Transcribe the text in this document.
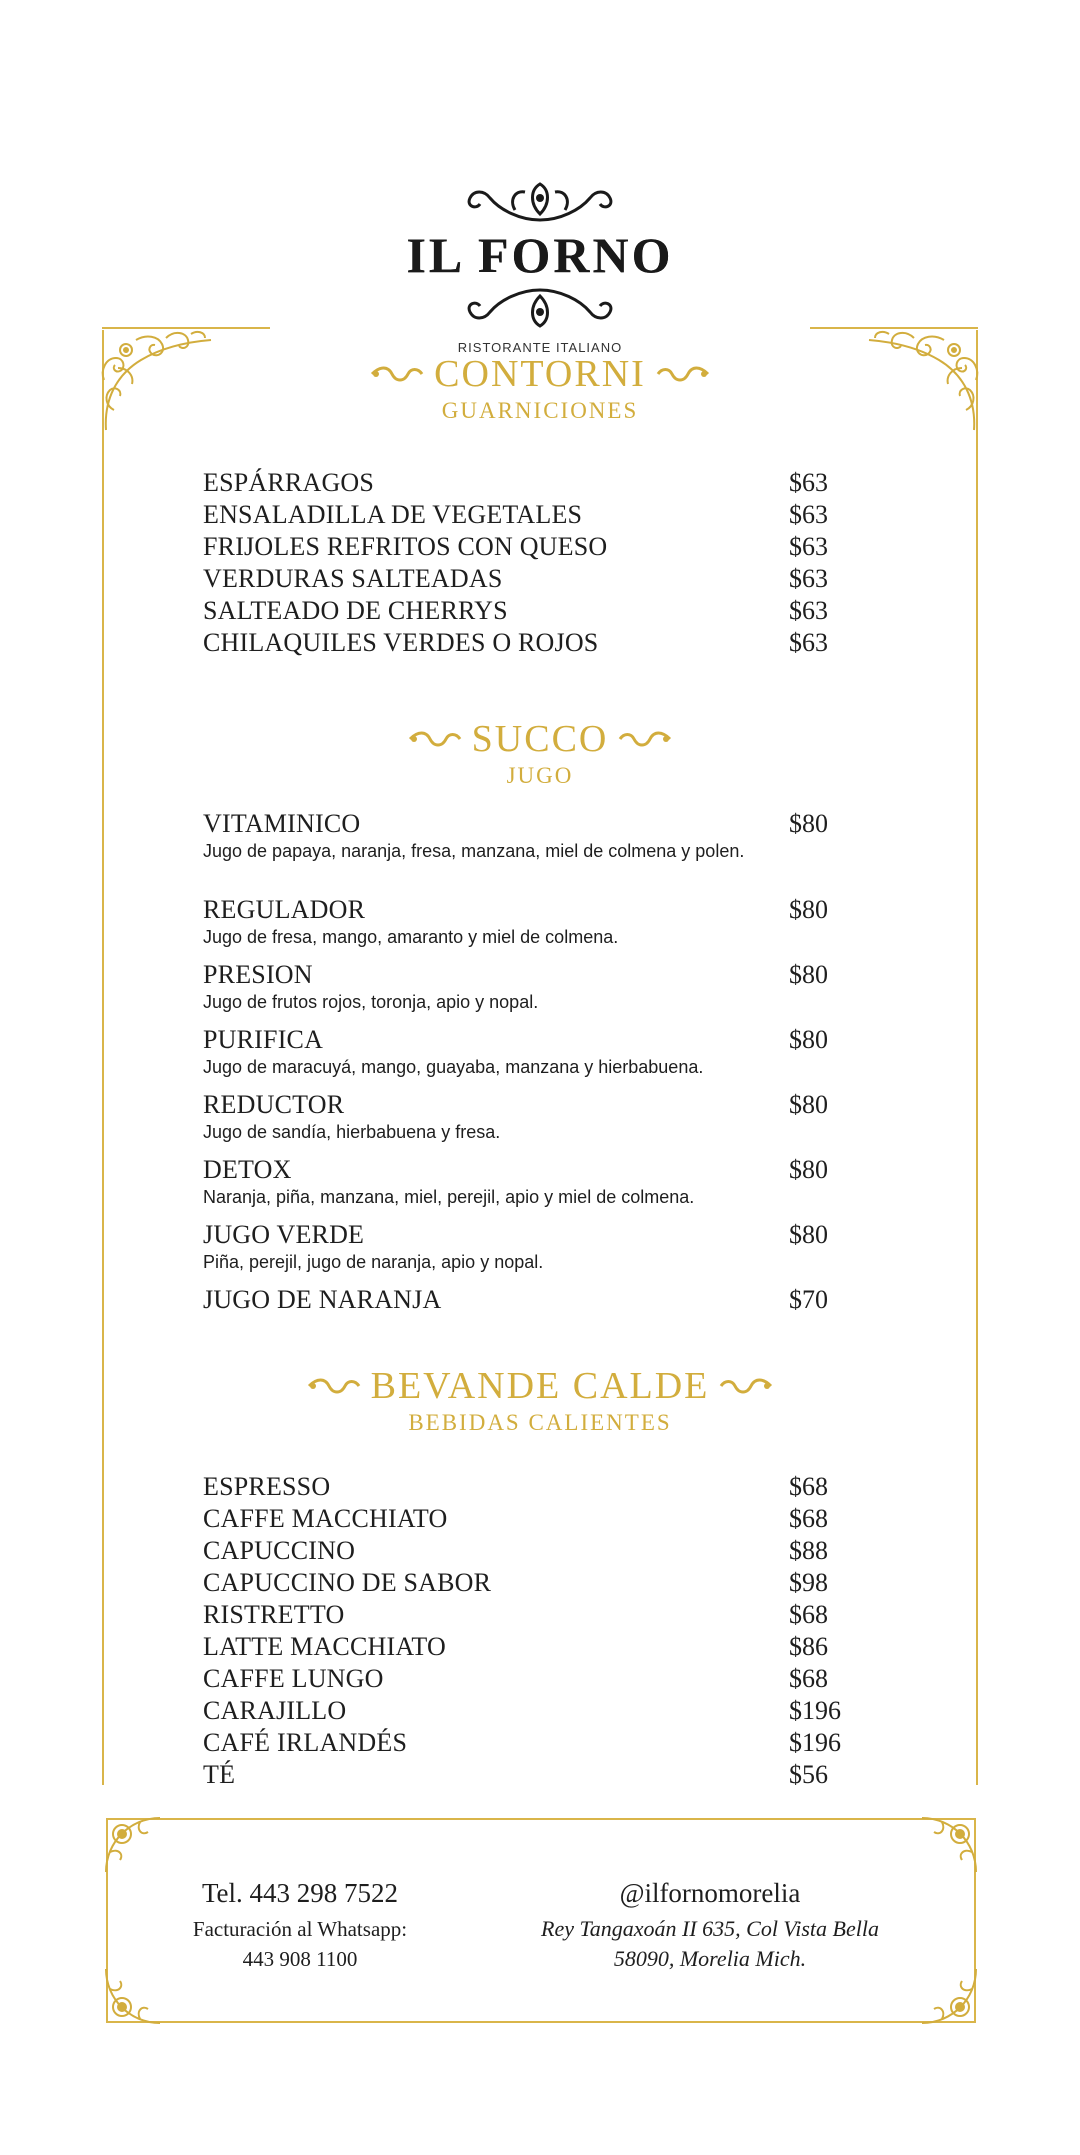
IL FORNO
RISTORANTE ITALIANO
CONTORNI
GUARNICIONES
ESPÁRRAGOS	$63
ENSALADILLA DE VEGETALES	$63
FRIJOLES REFRITOS CON QUESO	$63
VERDURAS SALTEADAS	$63
SALTEADO DE CHERRYS	$63
CHILAQUILES VERDES O ROJOS	$63
SUCCO
JUGO
VITAMINICO	$80
Jugo de papaya, naranja, fresa, manzana, miel de colmena y polen.
REGULADOR	$80
Jugo de fresa, mango, amaranto y miel de colmena.
PRESION	$80
Jugo de frutos rojos, toronja, apio y nopal.
PURIFICA	$80
Jugo de maracuyá, mango, guayaba, manzana y hierbabuena.
REDUCTOR	$80
Jugo de sandía, hierbabuena y fresa.
DETOX	$80
Naranja, piña, manzana, miel, perejil, apio y miel de colmena.
JUGO VERDE	$80
Piña, perejil, jugo de naranja, apio y nopal.
JUGO DE NARANJA	$70
BEVANDE CALDE
BEBIDAS CALIENTES
ESPRESSO	$68
CAFFE MACCHIATO	$68
CAPUCCINO	$88
CAPUCCINO DE SABOR	$98
RISTRETTO	$68
LATTE MACCHIATO	$86
CAFFE LUNGO	$68
CARAJILLO	$196
CAFÉ IRLANDÉS	$196
TÉ	$56
Tel. 443 298 7522
Facturación al Whatsapp:
443 908 1100
@ilfornomorelia
Rey Tangaxoán II 635, Col Vista Bella
58090, Morelia Mich.
